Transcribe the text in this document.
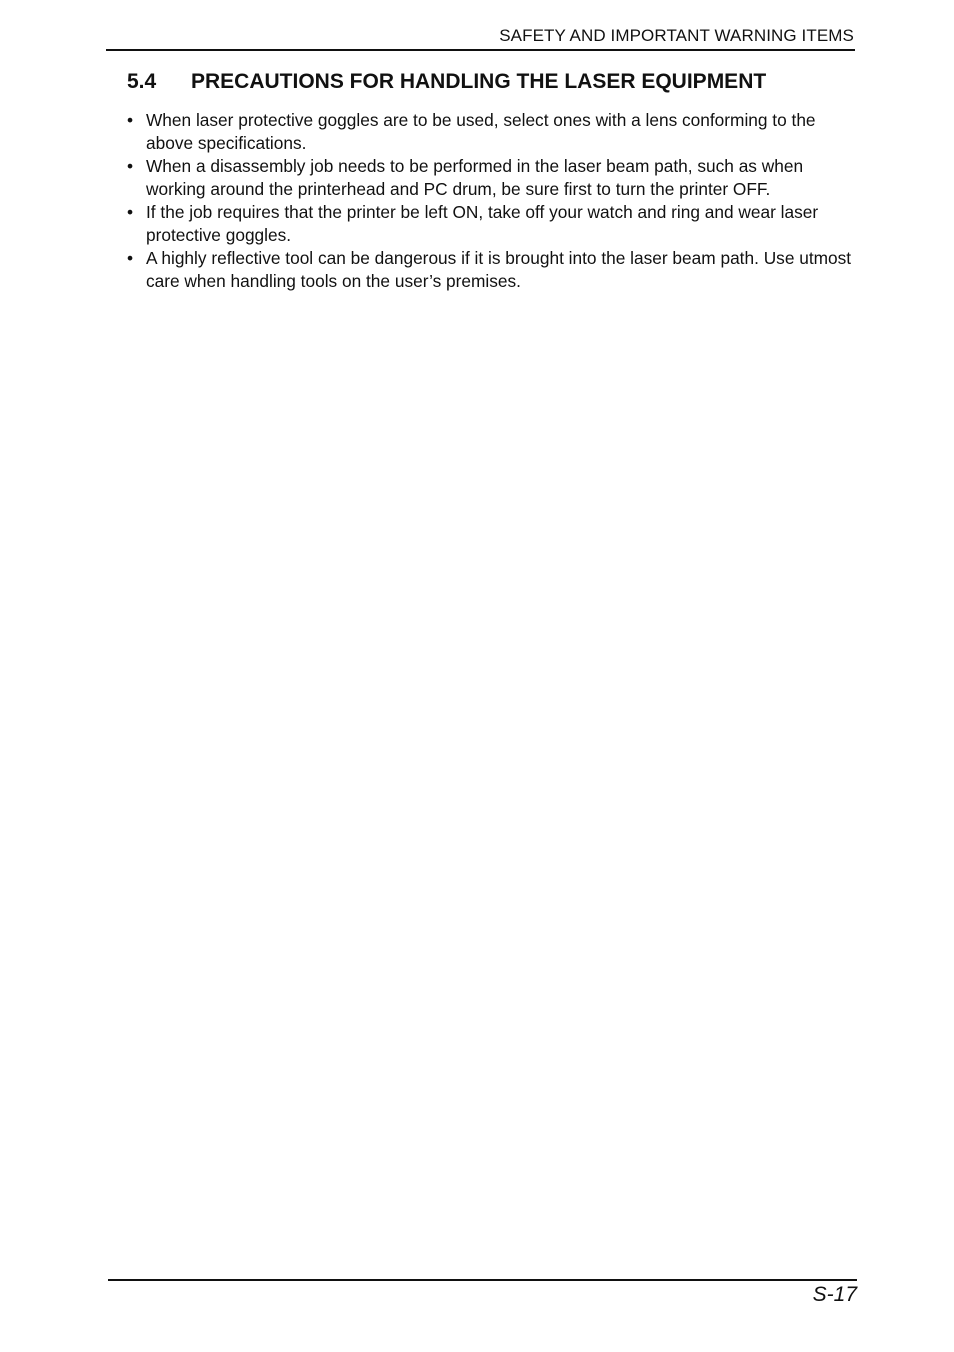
SAFETY AND IMPORTANT WARNING ITEMS
5.4 PRECAUTIONS FOR HANDLING THE LASER EQUIPMENT
• When laser protective goggles are to be used, select ones with a lens conforming to the above specifications.
• When a disassembly job needs to be performed in the laser beam path, such as when working around the printerhead and PC drum, be sure first to turn the printer OFF.
• If the job requires that the printer be left ON, take off your watch and ring and wear laser protective goggles.
• A highly reflective tool can be dangerous if it is brought into the laser beam path. Use utmost care when handling tools on the user’s premises.
S-17
